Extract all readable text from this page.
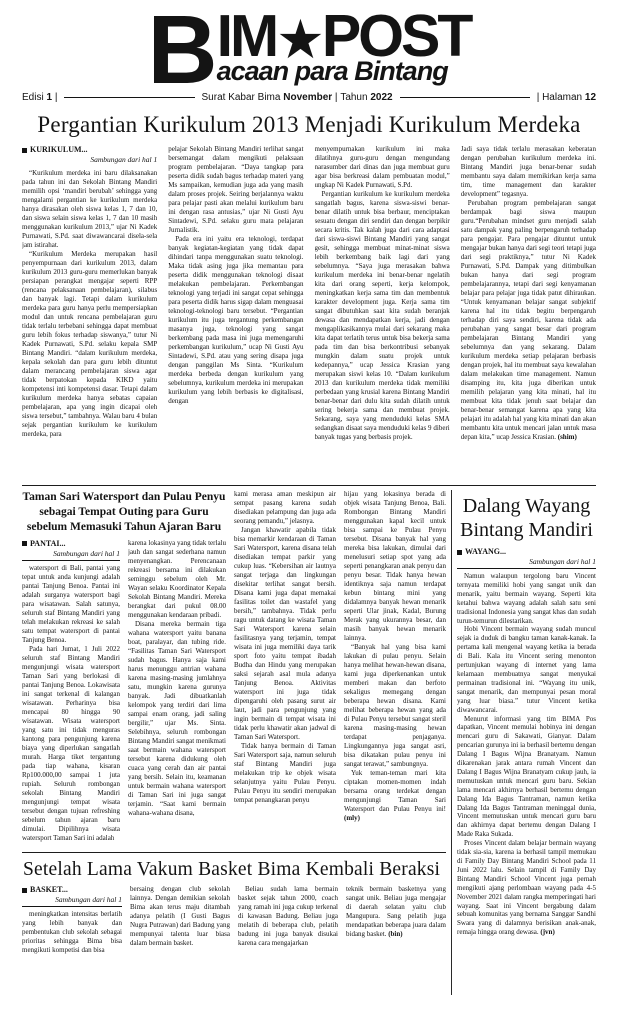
B IM★POST
acaan para Bintang
Edisi 1 |	Surat Kabar Bima November | Tahun 2022	| Halaman 12
Pergantian Kurikulum 2013 Menjadi Kurikulum Merdeka
KURIKULUM...
Sambungan dari hal 1

“Kurikulum merdeka ini baru dilaksanakan pada tahun ini dan Sekolah Bintang Mandiri memilih opsi ‘mandiri berubah’ sehingga yang mengalami pergantian ke kurikulum merdeka hanya dirasakan oleh siswa kelas 1, 7 dan 10, dan siswa selain siswa kelas 1, 7 dan 10 masih menggunakan kurikulum 2013,” ujar Ni Kadek Purnawati, S.Pd. saat diwawancarai disela-sela jam istirahat.

“Kurikulum Merdeka merupakan hasil penyempurnaan dari kurikulum 2013, dalam kurikulum 2013 guru-guru memerlukan banyak persiapan perangkat mengajar seperti RPP (rencana pelaksanaan pembelajaran), silabus dan banyak lagi. Tetapi dalam kurikulum merdeka para guru hanya perlu mempersiapkan modul dan untuk rencana pembelajaran guru tidak terlalu terbebani sehingga dapat membuat guru lebih fokus terhadap siswanya,” tutur Ni Kadek Purnawati, S.Pd. selaku kepala SMP Bintang Mandiri. “dalam kurikulum merdeka, kepala sekolah dan para guru lebih dituntut dalam merancang pembelajaran siswa agar tidak berpatokan kepada KIKD yaitu kompetensi inti kompetensi dasar. Tetapi dalam kurikulum merdeka hanya sebatas capaian pembelajaran, apa yang ingin dicapai oleh siswa tersebut,” tambahnya. Walau baru 4 bulan sejak pergantian kurikulum ke kurikulum merdeka, para

pelajar Sekolah Bintang Mandiri terlihat sangat bersemangat dalam mengikuti pelaksaan program pembelajaran. “Daya tangkap para peserta didik sudah bagus terhadap materi yang Ms sampaikan, kemudian juga ada yang masih dalam proses projek. Seiring berjalannya waktu para pelajar pasti akan melalui kurikulum baru ini dengan rasa antusias,” ujar Ni Gusti Ayu Sintadewi, S.Pd. selaku guru mata pelajaran Jurnalistik.

Pada era ini yaitu era teknologi, terdapat banyak kegiatan-kegiatan yang tidak dapat dihindari tanpa menggunakan suatu teknologi. Maka tidak asing juga jika memantau para peserta didik menggunakan teknologi disaat melakukan pembelajaran. Perkembangan teknologi yang terjadi ini sangat cepat sehingga para peserta didik harus sigap dalam menguasai teknologi-teknologi baru tersebut. “Pergantian kurikulum itu juga tergantung perkembangan masanya juga, teknologi yang sangat berkembang pada masa ini juga memengaruhi perkembangan kurikulum,” ucap Ni Gusti Ayu Sintadewi, S.Pd. atau yang sering disapa juga dengan panggilan Ms Sinta. “Kurikulum merdeka berbeda dengan kurikulum yang sebelumnya, kurikulum merdeka ini merupakan kurikulum yang lebih berbasis ke digitalisasi, dengan

menyempurnakan kurikulum ini maka dilatihnya guru-guru dengan mengundang narasumber dari dinas dan juga membuat guru agar bisa berkreasi dalam pembuatan modul,” ungkap Ni Kadek Purnawati, S.Pd.

Pergantian kurikulum ke kurikulum merdeka sangatlah bagus, karena siswa-siswi benar-benar dilatih untuk bisa berbaur, menciptakan sesuatu dengan diri sendiri dan dengan berpikir secara kritis. Tak kalah juga dari cara adaptasi dari siswa-siswi Bintang Mandiri yang sangat gesit, sehingga membuat minat-minat siswa lebih berkembang baik lagi dari yang sebelumnya. “Saya juga merasakan bahwa kurikulum merdeka ini benar-benar ngelatih kita dari orang seperti, kerja kelompok, meningkatkan kerja sama tim dan membentuk karakter development juga. Kerja sama tim sangat dibutuhkan saat kita sudah beranjak dewasa dan mendapatkan kerja, jadi dengan mengaplikasikannya mulai dari sekarang maka kita dapat terlatih terus untuk bisa bekerja sama pada tim dan bisa berkontribusi sebanyak mungkin dalam suatu projek untuk kedepannya,” ucap Jessica Krasian yang merupakan siswi kelas 10. “Dalam kurikulum 2013 dan kurikulum merdeka tidak memiliki perbedaan yang krusial karena Bintang Mandiri benar-benar dari dulu kita sudah dilatih untuk sering bekerja sama dan membuat projek. Sekarang, saya yang menduduki kelas SMA sedangkan disaat saya menduduki kelas 9 diberi banyak tugas yang berbasis projek.

Jadi saya tidak terlalu merasakan keberatan dengan perubahan kurikulum merdeka ini. Bintang Mandiri juga benar-benar sudah membantu saya dalam memikirkan kerja sama tim, time management dan karakter development” tegasnya.

Perubahan program pembelajaran sangat berdampak bagi siswa maupun guru.“Perubahan mindset guru menjadi salah satu dampak yang paling berpengaruh terhadap para pengajar. Para pengajar dituntut untuk mengajar bukan hanya dari segi teori tetapi juga dari segi praktiknya,” tutur Ni Kadek Purnawati, S.Pd. Dampak yang ditimbulkan bukan hanya dari segi program pembelajarannya, tetapi dari segi kenyamanan belajar para pelajar juga tidak patut dihiraukan. “Untuk kenyamanan belajar sangat subjektif karena hal itu tidak begitu berpengaruh terhadap diri saya sendiri, karena tidak ada perubahan yang sangat besar dari program pembelajaran Bintang Mandiri yang sebelumnya dan yang sekarang. Dalam kurikulum merdeka setiap pelajaran berbasis dengan projek, hal itu membuat saya kewalahan dalam melakukan time management. Namun disamping itu, kita juga diberikan untuk memilih pelajaran yang kita minati, hal itu membuat kita tidak jenuh saat belajar dan benar-benar semangat karena apa yang kita pelajari itu adalah hal yang kita minati dan akan membantu kita untuk mencari jalan untuk masa depan kita,” ucap Jessica Krasian. (shim)

Taman Sari Watersport dan Pulau Penyu sebagai Tempat Outing para Guru sebelum Memasuki Tahun Ajaran Baru
PANTAI...
Sambungan dari hal 1

watersport di Bali, pantai yang tepat untuk anda kunjungi adalah pantai Tanjung Benoa. Pantai ini adalah surganya watersport bagi para wisatawan. Salah satunya, seluruh staf Bintang Mandiri yang telah melakukan rekreasi ke salah satu tempat watersport di pantai Tanjung Benoa.

Pada hari Jumat, 1 Juli 2022 seluruh staf Bintang Mandiri mengunjungi wisata watersport Taman Sari yang berlokasi di pantai Tanjung Benoa. Lokawisata ini sangat terkenal di kalangan wisatawan. Perharinya bisa mencapai 80 hingga 90 wisatawan. Wisata watersport yang satu ini tidak menguras kantong para pengunjung karena biaya yang diperlukan sangatlah murah. Harga tiket tergantung pada tiap wahana, kisaran Rp100.000,00 sampai 1 juta rupiah. Seluruh rombongan sekolah Bintang Mandiri mengunjungi tempat wisata tersebut dengan tujuan refreshing sebelum tahun ajaran baru dimulai. Dipilihnya wisata watersport Taman Sari ini adalah

karena lokasinya yang tidak terlalu jauh dan sangat sederhana namun menyenangkan. Perencanaan rekreasi bersama ini dilakukan seminggu sebelum oleh Mr. Wayan selaku Koordinator Kepala Sekolah Bintang Mandiri. Mereka berangkat dari pukul 08.00 menggunakan kendaraan pribadi.

Disana mereka bermain tiga wahana watersport yaitu banana boat, paralayar, dan tubing ride. “Fasilitas Taman Sari Watersport sudah bagus. Hanya saja kami harus menunggu antrian wahana karena masing-masing jumlahnya satu, mungkin karena gurunya banyak. Jadi dibuatkanlah kelompok yang terdiri dari lima sampai enam orang, jadi saling bergilir,” ujar Ms. Sinta. Selebihnya, seluruh rombongan Bintang Mandiri sangat menikmati saat bermain wahana watersport tersebut karena didukung oleh cuaca yang cerah dan air pantai yang bersih. Selain itu, keamanan untuk bermain wahana watersport di Taman Sari ini juga sangat terjamin. “Saat kami bermain wahana-wahana disana,

kami merasa aman meskipun air sempat pasang karena sudah disediakan pelampung dan juga ada seorang pemandu,” jelasnya.

Jangan khawatir apabila tidak bisa memarkir kendaraan di Taman Sari Watersport, karena disana telah disediakan tempat parkir yang cukup luas. “Kebersihan air lautnya sangat terjaga dan lingkungan disekitar terlihat sangat bersih. Disana kami juga dapat memakai fasilitas toilet dan wastafel yang bersih,” tambahnya. Tidak perlu ragu untuk datang ke wisata Taman Sari Watersport karena selain fasilitasnya yang terjamin, tempat wisata ini juga memiliki daya tarik sport foto yaitu tempat ibadah Budha dan Hindu yang merupakan saksi sejarah asal mula adanya Tanjung Benoa. Aktivitas watersport ini juga tidak dipengaruhi oleh pasang surut air laut, jadi para pengunjung yang ingin bermain di tempat wisata ini tidak perlu khawatir akan jadwal di Taman Sari Watersport.

Tidak hanya bermain di Taman Sari Watersport saja, namun seluruh staf Bintang Mandiri juga melakukan trip ke objek wisata selanjutnya yaitu Pulau Penyu. Pulau Penyu itu sendiri merupakan tempat penangkaran penyu

hijau yang lokasinya berada di objek wisata Tanjung Benoa, Bali. Rombongan Bintang Mandiri menggunakan kapal kecil untuk bisa sampai ke Pulau Penyu tersebut. Disana banyak hal yang mereka bisa lakukan, dimulai dari menelusuri setiap spot yang ada seperti penangkaran anak penyu dan penyu besar. Tidak hanya hewan identiknya saja namun terdapat kebun bintang mini yang didalamnya banyak hewan menarik seperti Ular jinak, Kadal, Burung Merak yang ukurannya besar, dan masih banyak hewan menarik lainnya.

“Banyak hal yang bisa kami lakukan di pulau penyu. Selain hanya melihat hewan-hewan disana, kami juga diperkenankan untuk memberi makan dan berfoto sekaligus memegang dengan beberapa hewan disana. Kami melihat beberapa hewan yang ada di Pulau Penyu tersebut sangat steril karena masing-masing hewan terdapat penjaganya. Lingkungannya juga sangat asri, bisa dikatakan pulau penyu ini sangat terawat,” sambungnya.

Yuk teman-teman mari kita ciptakan momen-momen indah bersama orang terdekat dengan mengunjungi Taman Sari Watersport dan Pulau Penyu ini! (mly)

Setelah Lama Vakum Basket Bima Kembali Beraksi
BASKET...
Sambungan dari hal 1

meningkatkan intensitas berlatih yang lebih banyak dan pembentukan club sekolah sebagai prioritas sehingga Bima bisa mengikuti kompetisi dan bisa

bersaing dengan club sekolah lainnya. Dengan demikian sekolah Bima akan terus maju ditambah adanya pelatih (I Gusti Bagus Nugra Putrawan) dari Badung yang mempunyai talenta luar biasa dalam bermain basket.

Beliau sudah lama bermain basket sejak tahun 2000, coach yang ramah ini juga cukup terkenal di kawasan Badung. Beliau juga melatih di beberapa club, pelatih badung ini juga banyak disukai karena cara mengajarkan

teknik bermain basketnya yang sangat unik. Beliau juga mengajar di daerah selatan yaitu club Mangupura. Sang pelatih juga mendapatkan beberapa juara dalam bidang basket. (bin)

Dalang Wayang Bintang Mandiri
WAYANG...
Sambungan dari hal 1

Namun walaupun tergolong baru Vincent ternyata memiliki hobi yang sangat unik dan menarik, yaitu bermain wayang. Seperti kita ketahui bahwa wayang adalah salah satu seni tradisional Indonesia yang sangat khas dan sudah turun-temurun dilestarikan.

Hobi Vincent bermain wayang sudah muncul sejak ia duduk di bangku taman kanak-kanak. Ia pertama kali mengenal wayang ketika ia berada di Bali. Kala itu Vincent sering menonton pertunjukan wayang di internet yang lama kelamaan membuatnya sangat menyukai permainan tradisional ini. “Wayang itu unik, sangat menarik, dan mempunyai pesan moral yang luar biasa.” tutur Vincent ketika diwawancarai.

Menurut informasi yang tim BIMA Pos dapatkan, Vincent memulai hobinya ini dengan mencari guru di Sakawati, Gianyar. Dalam pencarian gurunya ini ia berhasil bertemu dengan Dalang I Bagus Wijna Branatyam. Namun dikarenakan jarak antara rumah Vincent dan Dalang I Bagus Wijna Branatyam cukup jauh, ia memutuskan untuk mencari guru baru. Sekian lama mencari akhirnya berhasil bertemu dengan Dalang Ida Bagus Tantraman, namun ketika Dalang Ida Bagus Tantraman meninggal dunia, Vincent memutuskan untuk mencari guru baru dan akhirnya dapat bertemu dengan Dalang I Made Raka Sukada.

Proses Vincent dalam belajar bermain wayang tidak sia-sia, karena ia berhasil tampil memukau di Family Day Bintang Mandiri School pada 11 Juni 2022 lalu. Selain tampil di Family Day Bintang Mandiri School Vincent juga pernah mengikuti ajang perlombaan wayang pada 4-5 November 2021 dalam rangka memperingati hari wayang. Saat ini Vincent bergabung dalam sebuah komunitas yang bernama Sanggar Sandhi Swara yang di dalamnya berisikan anak-anak, remaja hingga orang dewasa. (jvn)
